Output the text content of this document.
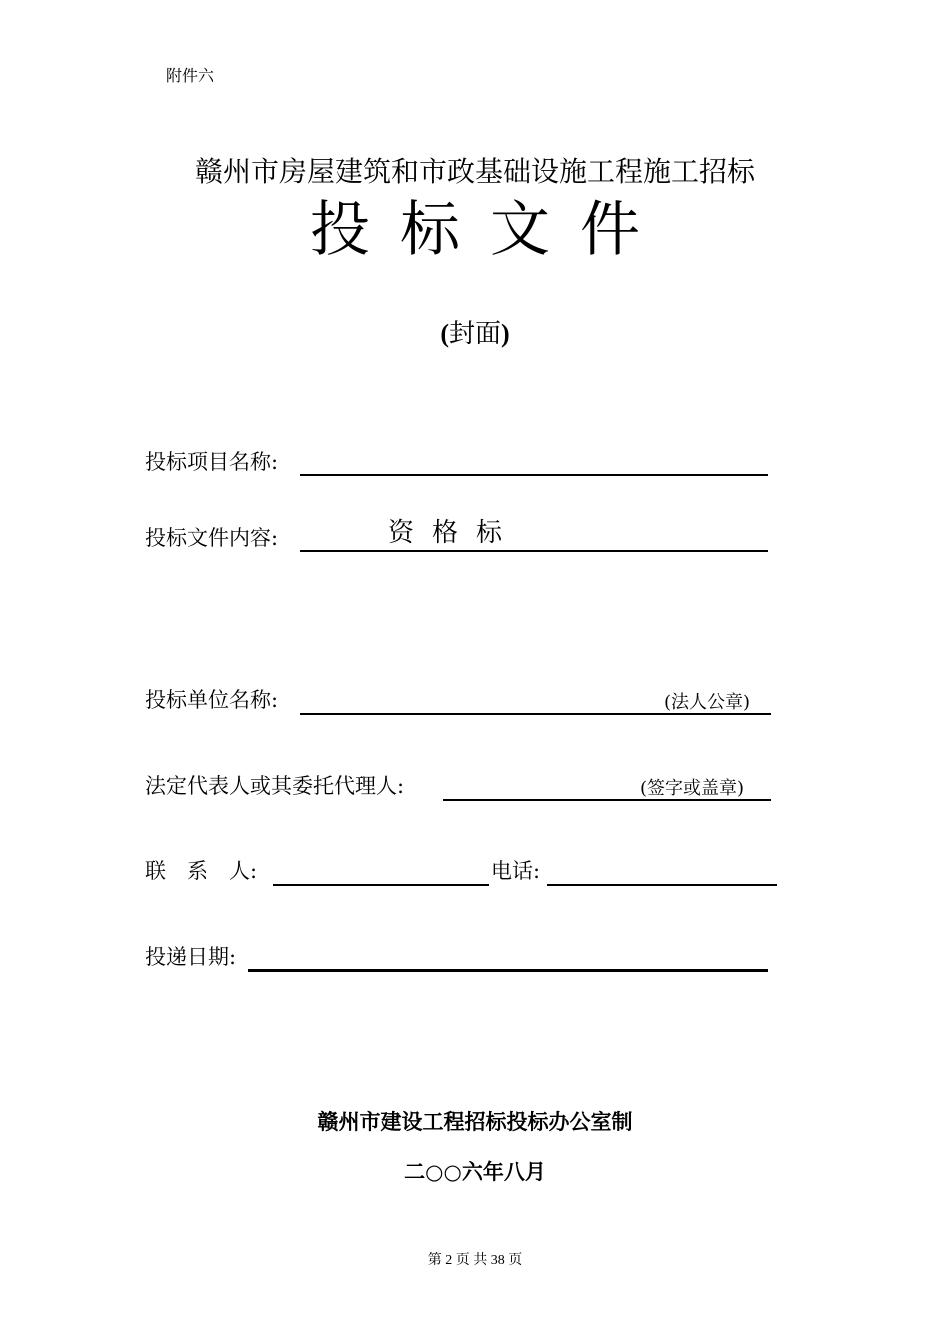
附件六
赣州市房屋建筑和市政基础设施工程施工招标
投标文件
(封面)
投标项目名称:
投标文件内容:	资格标
投标单位名称:	(法人公章)
法定代表人或其委托代理人:	(签字或盖章)
联　系　人:	电话:
投递日期:
赣州市建设工程招标投标办公室制
二○○六年八月
第 2 页 共 38 页
